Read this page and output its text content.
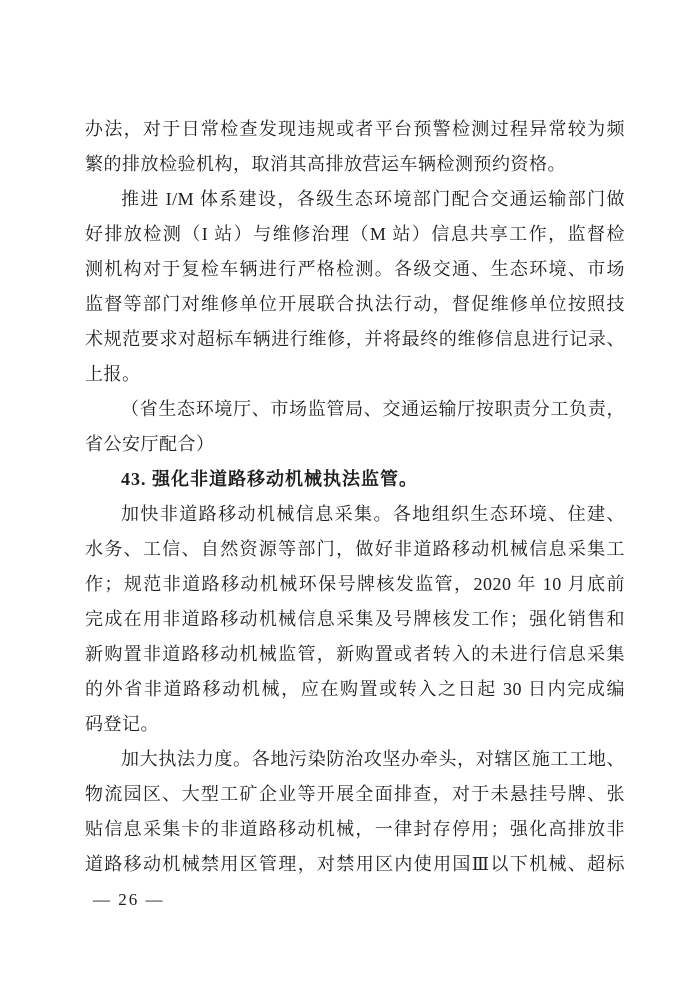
办法，对于日常检查发现违规或者平台预警检测过程异常较为频
繁的排放检验机构，取消其高排放营运车辆检测预约资格。
推进 I/M 体系建设，各级生态环境部门配合交通运输部门做
好排放检测（I 站）与维修治理（M 站）信息共享工作，监督检
测机构对于复检车辆进行严格检测。各级交通、生态环境、市场
监督等部门对维修单位开展联合执法行动，督促维修单位按照技
术规范要求对超标车辆进行维修，并将最终的维修信息进行记录、
上报。
（省生态环境厅、市场监管局、交通运输厅按职责分工负责，
省公安厅配合）
43. 强化非道路移动机械执法监管。
加快非道路移动机械信息采集。各地组织生态环境、住建、
水务、工信、自然资源等部门，做好非道路移动机械信息采集工
作；规范非道路移动机械环保号牌核发监管，2020 年 10 月底前
完成在用非道路移动机械信息采集及号牌核发工作；强化销售和
新购置非道路移动机械监管，新购置或者转入的未进行信息采集
的外省非道路移动机械，应在购置或转入之日起 30 日内完成编
码登记。
加大执法力度。各地污染防治攻坚办牵头，对辖区施工工地、
物流园区、大型工矿企业等开展全面排查，对于未悬挂号牌、张
贴信息采集卡的非道路移动机械，一律封存停用；强化高排放非
道路移动机械禁用区管理，对禁用区内使用国Ⅲ以下机械、超标
— 26 —
